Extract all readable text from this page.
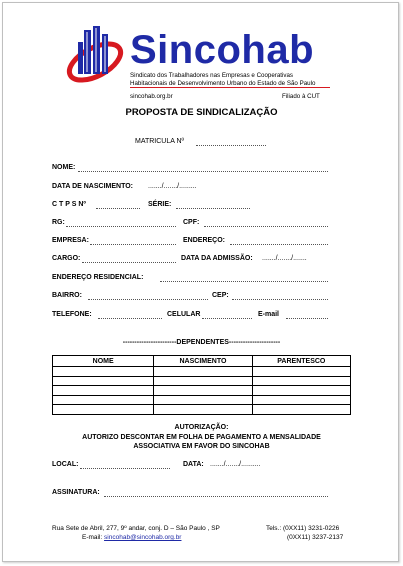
Sincohab
Sindicato dos Trabalhadores nas Empresas e Cooperativas
Habitacionais de Desenvolvimento Urbano do Estado de São Paulo
sincohab.org.br	Filiado à CUT
PROPOSTA DE SINDICALIZAÇÃO
MATRICULA Nº
NOME:
DATA DE NASCIMENTO: ......./......./.........
C T P S Nº	SÉRIE:
RG:	CPF:
EMPRESA:	ENDEREÇO:
CARGO:	DATA DA ADMISSÃO: ......./......./.......
ENDEREÇO RESIDENCIAL:
BAIRRO:	CEP:
TELEFONE:	CELULAR	E-mail
-----------------------DEPENDENTES----------------------
NOME	NASCIMENTO	PARENTESCO

AUTORIZAÇÃO:
AUTORIZO DESCONTAR EM FOLHA DE PAGAMENTO A MENSALIDADE
ASSOCIATIVA EM FAVOR DO SINCOHAB
LOCAL:	DATA: ......./......./..........
ASSINATURA:
Rua Sete de Abril, 277, 9º andar, conj. D – São Paulo , SP
E-mail: sincohab@sincohab.org.br
Tels.: (0XX11) 3231-0226
(0XX11) 3237-2137
